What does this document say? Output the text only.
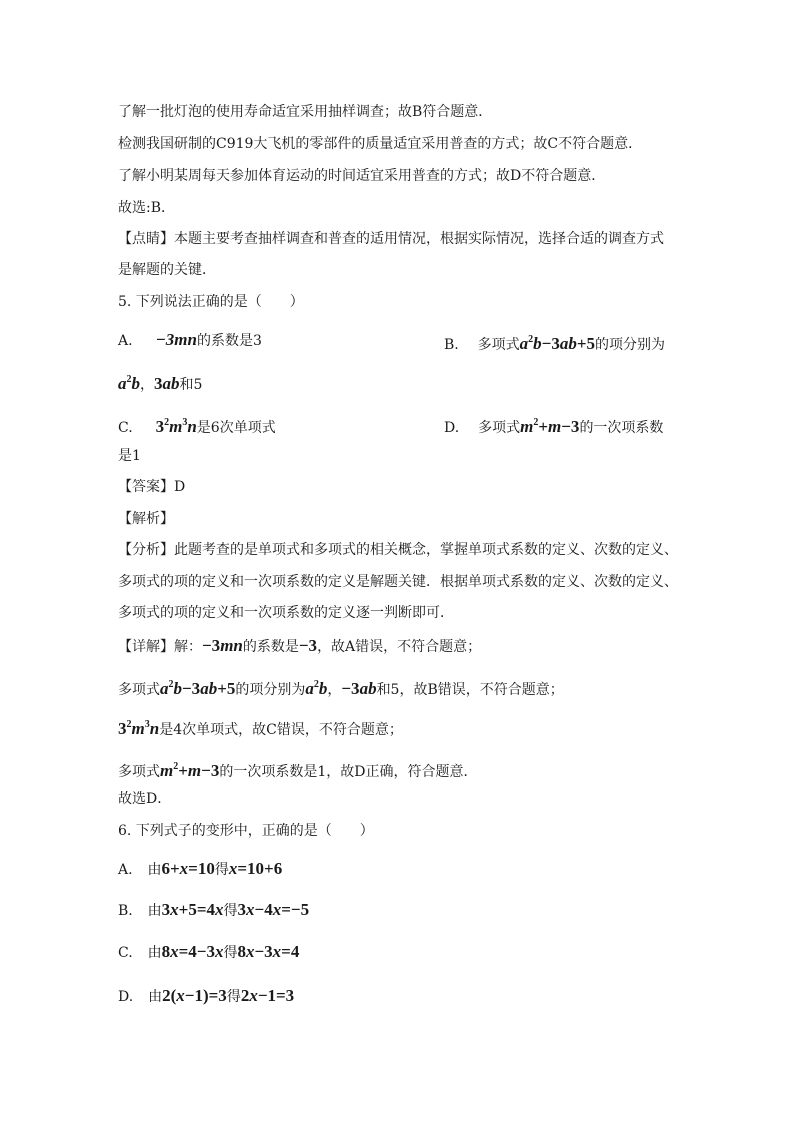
了解一批灯泡的使用寿命适宜采用抽样调查；故B符合题意．
检测我国研制的C919大飞机的零部件的质量适宜采用普查的方式；故C不符合题意．
了解小明某周每天参加体育运动的时间适宜采用普查的方式；故D不符合题意．
故选:B．
【点睛】本题主要考查抽样调查和普查的适用情况，根据实际情况，选择合适的调查方式
是解题的关键．
5. 下列说法正确的是（　　）
A. −3mn的系数是3	B. 多项式$a^2b-3ab+5$的项分别为
$a^2b$，3ab和5
C. $3^2m^3n$是6次单项式	D. 多项式$m^2+m-3$的一次项系数
是1
【答案】D
【解析】
【分析】此题考查的是单项式和多项式的相关概念，掌握单项式系数的定义、次数的定义、
多项式的项的定义和一次项系数的定义是解题关键．根据单项式系数的定义、次数的定义、
多项式的项的定义和一次项系数的定义逐一判断即可．
【详解】解：−3mn的系数是−3，故A错误，不符合题意；
多项式$a^2b-3ab+5$的项分别为$a^2b$，−3ab和5，故B错误，不符合题意；
$3^2m^3n$是4次单项式，故C错误，不符合题意；
多项式$m^2+m-3$的一次项系数是1，故D正确，符合题意．
故选D．
6. 下列式子的变形中，正确的是（　　）
A. 由6+x=10得x=10+6
B. 由3x+5=4x得3x−4x=−5
C. 由8x=4−3x得8x−3x=4
D. 由2(x−1)=3得2x−1=3
